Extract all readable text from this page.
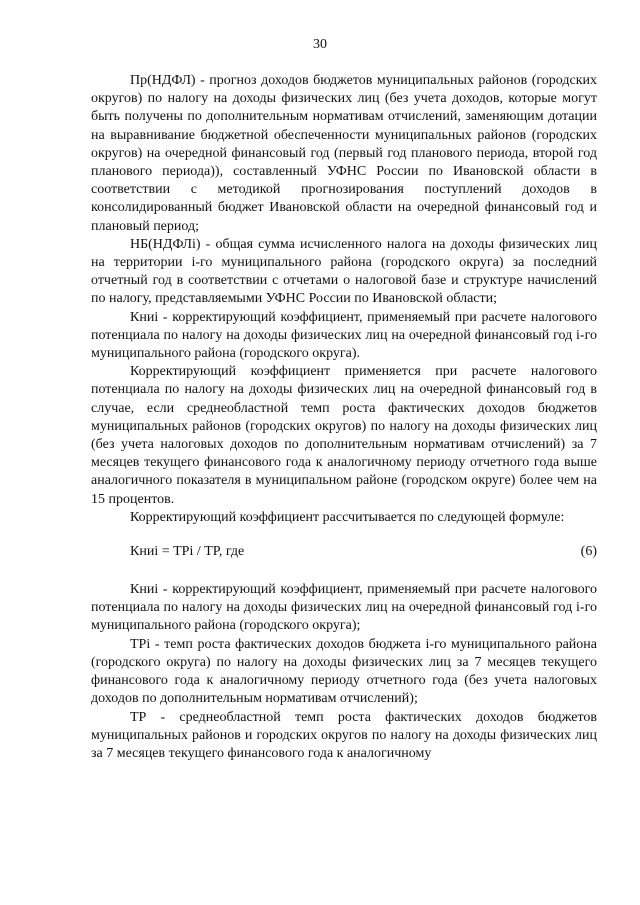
30

Пр(НДФЛ) - прогноз доходов бюджетов муниципальных районов (городских округов) по налогу на доходы физических лиц (без учета доходов, которые могут быть получены по дополнительным нормативам отчислений, заменяющим дотации на выравнивание бюджетной обеспеченности муниципальных районов (городских округов) на очередной финансовый год (первый год планового периода, второй год планового периода)), составленный УФНС России по Ивановской области в соответствии с методикой прогнозирования поступлений доходов в консолидированный бюджет Ивановской области на очередной финансовый год и плановый период;

НБ(НДФЛi) - общая сумма исчисленного налога на доходы физических лиц на территории i-го муниципального района (городского округа) за последний отчетный год в соответствии с отчетами о налоговой базе и структуре начислений по налогу, представляемыми УФНС России по Ивановской области;

Книi - корректирующий коэффициент, применяемый при расчете налогового потенциала по налогу на доходы физических лиц на очередной финансовый год i-го муниципального района (городского округа).

Корректирующий коэффициент применяется при расчете налогового потенциала по налогу на доходы физических лиц на очередной финансовый год в случае, если среднеобластной темп роста фактических доходов бюджетов муниципальных районов (городских округов) по налогу на доходы физических лиц (без учета налоговых доходов по дополнительным нормативам отчислений) за 7 месяцев текущего финансового года к аналогичному периоду отчетного года выше аналогичного показателя в муниципальном районе (городском округе) более чем на 15 процентов.

Корректирующий коэффициент рассчитывается по следующей формуле:

Книi = ТРi / ТР, где	(6)

Книi - корректирующий коэффициент, применяемый при расчете налогового потенциала по налогу на доходы физических лиц на очередной финансовый год i-го муниципального района (городского округа);

ТРi - темп роста фактических доходов бюджета i-го муниципального района (городского округа) по налогу на доходы физических лиц за 7 месяцев текущего финансового года к аналогичному периоду отчетного года (без учета налоговых доходов по дополнительным нормативам отчислений);

ТР - среднеобластной темп роста фактических доходов бюджетов муниципальных районов и городских округов по налогу на доходы физических лиц за 7 месяцев текущего финансового года к аналогичному
